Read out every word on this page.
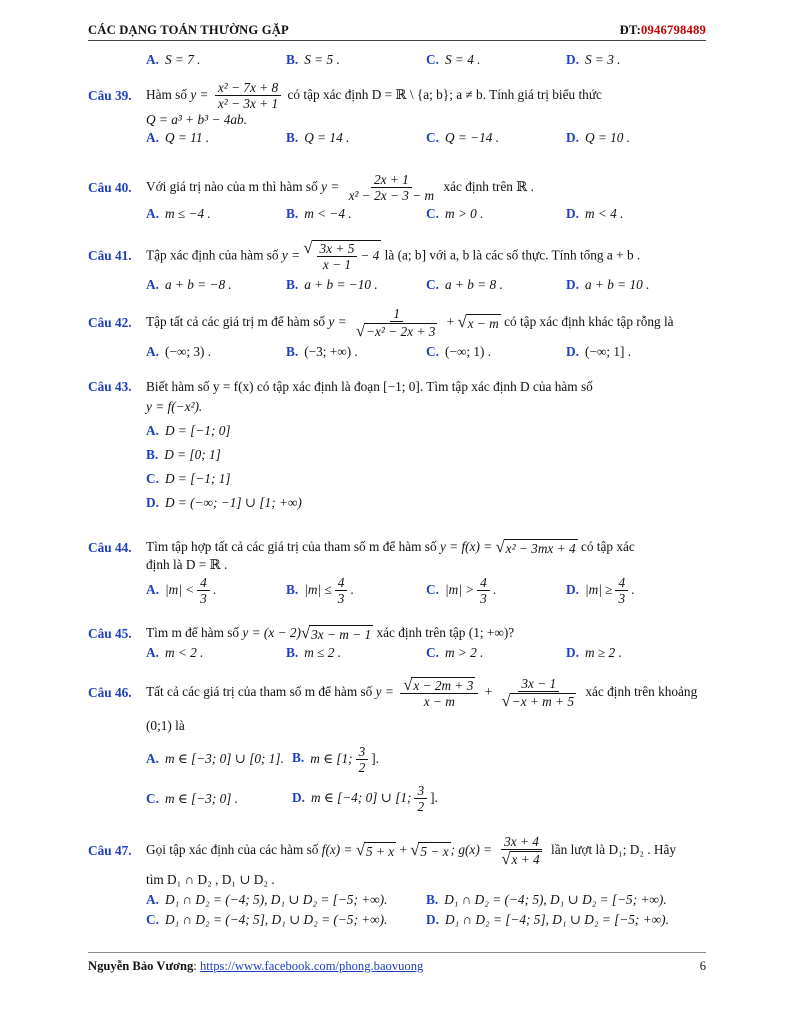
CÁC DẠNG TOÁN THƯỜNG GẶP	ĐT:0946798489
A. S = 7 .	B. S = 5 .	C. S = 4 .	D. S = 3 .
Câu 39.	Hàm số $y = \frac{\text{x² − 7x + 8}}{\text{x² − 3x + 1}}$ có tập xác định D = ℝ \ {a; b}; a ≠ b. Tính giá trị biểu thức
Q = a³ + b³ − 4ab.
A. Q = 11 .	B. Q = 14 .	C. Q = −14 .	D. Q = 10 .
Câu 40.	Với giá trị nào của m thì hàm số $y = \frac{2x + 1}{\text{x² − 2x − 3 − m}}$ xác định trên ℝ .
A. m ≤ −4 .	B. m < −4 .	C. m > 0 .	D. m < 4 .
Câu 41.	Tập xác định của hàm số y = √ $\frac{3x + 5}{x - 1} - 4$ là (a; b] với a, b là các số thực. Tính tổng a + b .
A. a + b = −8 .	B. a + b = −10 .	C. a + b = 8 .	D. a + b = 10 .
Câu 42.	Tập tất cả các giá trị m để hàm số $y = \frac{1}{\text{√ −x² − 2x + 3}}$ + √ x − m có tập xác định khác tập rỗng là
A. (−∞; 3) .	B. (−3; +∞) .	C. (−∞; 1) .	D. (−∞; 1] .
Câu 43.	Biết hàm số y = f(x) có tập xác định là đoạn [−1; 0]. Tìm tập xác định D của hàm số
y = f(−x²).
A. D = [−1; 0]
B. D = [0; 1]
C. D = [−1; 1]
D. D = (−∞; −1] ∪ [1; +∞)
Câu 44.	Tìm tập hợp tất cả các giá trị của tham số m để hàm số y = f(x) = √ x² − 3mx + 4 có tập xác
định là D = ℝ .
A. $|m| < \frac{4}{3}$ .	B. $|m| \le \frac{4}{3}$ .	C. $|m| > \frac{4}{3}$ .	D. $|m| \ge \frac{4}{3}$ .
Câu 45.	Tìm m để hàm số y = (x − 2) √ 3x − m − 1 xác định trên tập (1; +∞)?
A. m < 2 .	B. m ≤ 2 .	C. m > 2 .	D. m ≥ 2 .
Câu 46.	Tất cả các giá trị của tham số m để hàm số $y = \frac{√ x - 2m + 3}{x - m} + \frac{3x - 1}{√ -x + m + 5}$ xác định trên khoảng
(0;1) là
A. m ∈ [−3; 0] ∪ [0; 1]. B. m ∈ [1; $\frac{3}{2}$ ].
C. m ∈ [−3; 0] .	D. m ∈ [−4; 0] ∪ [1; $\frac{3}{2}$ ].
Câu 47.	Gọi tập xác định của các hàm số f(x) = √ 5 + x + √ 5 − x ; $g(x) = \frac{3x + 4}{√ x + 4}$ lần lượt là D₁; D₂ . Hãy
tìm D₁ ∩ D₂ , D₁ ∪ D₂ .
A. D₁ ∩ D₂ = (−4; 5), D₁ ∪ D₂ = [−5; +∞).	B. D₁ ∩ D₂ = (−4; 5), D₁ ∪ D₂ = [−5; +∞).
C. D₁ ∩ D₂ = (−4; 5], D₁ ∪ D₂ = (−5; +∞).	D. D₁ ∩ D₂ = [−4; 5], D₁ ∪ D₂ = [−5; +∞).
Nguyễn Bảo Vương: https://www.facebook.com/phong.baovuong	6
